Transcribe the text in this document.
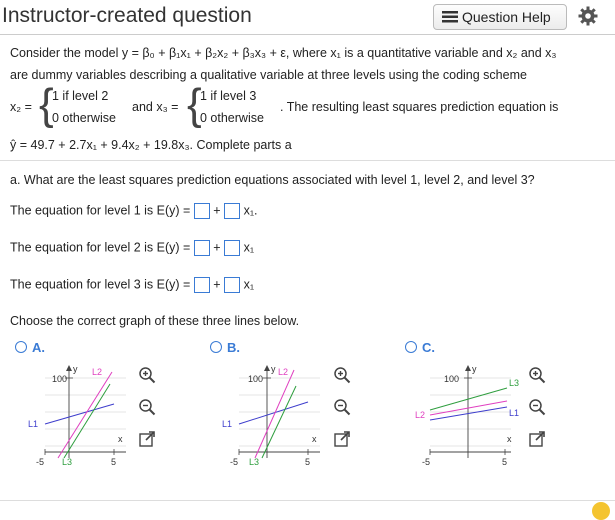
Instructor-created question	Question Help
Consider the model y = β₀ + β₁x₁ + β₂x₂ + β₃x₃ + ε, where x₁ is a quantitative variable and x₂ and x₃
are dummy variables describing a qualitative variable at three levels using the coding scheme
x₂ = {
1 if level 2
0 otherwise
and x₃ = {
1 if level 3
0 otherwise
. The resulting least squares prediction equation is
ŷ = 49.7 + 2.7x₁ + 9.4x₂ + 19.8x₃. Complete parts a
a. What are the least squares prediction equations associated with level 1, level 2, and level 3?
The equation for level 1 is E(y) = + x₁.
The equation for level 2 is E(y) = + x₁
The equation for level 3 is E(y) = + x₁
Choose the correct graph of these three lines below.
A.
100
y L2
L1
L3
x
-5	5
B.
100
y L2
L1
L3
x
-5	5
C.
100
y
L3
L2	L1
x
-5	5
